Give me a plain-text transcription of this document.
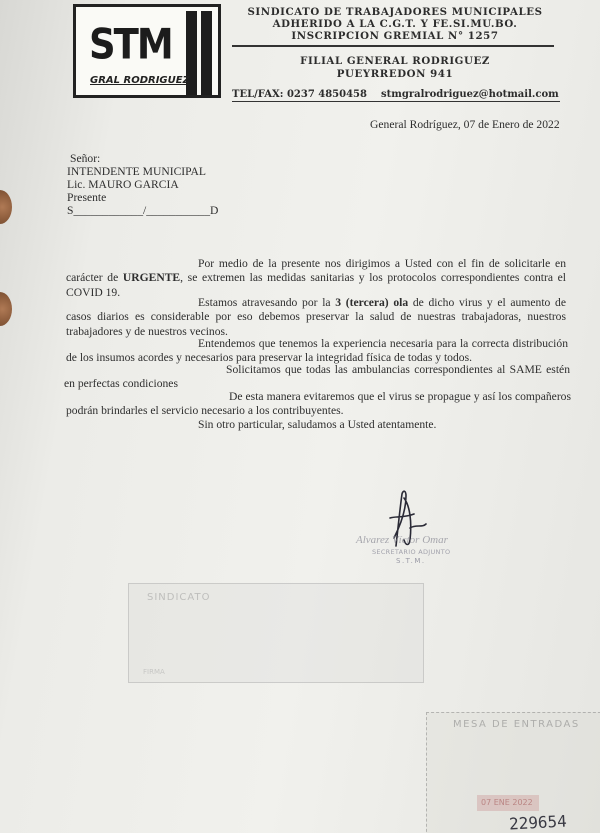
STM
GRAL RODRIGUEZ
SINDICATO DE TRABAJADORES MUNICIPALES
ADHERIDO A LA C.G.T. Y FE.SI.MU.BO.
INSCRIPCION GREMIAL N° 1257
FILIAL GENERAL RODRIGUEZ
PUEYRREDON 941
TEL/FAX: 0237 4850458 stmgralrodriguez@hotmail.com
General Rodríguez, 07 de Enero de 2022
Señor:
INTENDENTE MUNICIPAL
Lic. MAURO GARCIA
Presente
S____________/___________D
Por medio de la presente nos dirigimos a Usted con el fin de solicitarle en carácter de URGENTE, se extremen las medidas sanitarias y los protocolos correspondientes contra el COVID 19.
Estamos atravesando por la 3 (tercera) ola de dicho virus y el aumento de casos diarios es considerable por eso debemos preservar la salud de nuestras trabajadoras, nuestros trabajadores y de nuestros vecinos.
Entendemos que tenemos la experiencia necesaria para la correcta distribución de los insumos acordes y necesarios para preservar la integridad física de todas y todos.
Solicitamos que todas las ambulancias correspondientes al SAME estén en perfectas condiciones
De esta manera evitaremos que el virus se propague y así los compañeros podrán brindarles el servicio necesario a los contribuyentes.
Sin otro particular, saludamos a Usted atentamente.
Alvarez Víctor Omar
SECRETARIO ADJUNTO
S.T.M.
SINDICATO
FIRMA
MESA DE ENTRADAS
07 ENE 2022
229654
